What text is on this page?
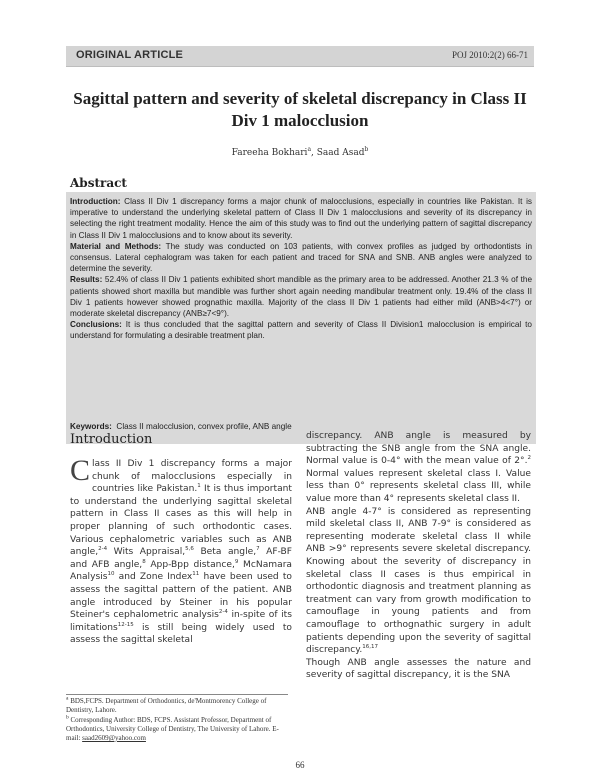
ORIGINAL ARTICLE	POJ 2010:2(2) 66-71
Sagittal pattern and severity of skeletal discrepancy in Class II Div 1 malocclusion
Fareeha Bokhari$^a$, Saad Asad$^b$
Abstract

Introduction: Class II Div 1 discrepancy forms a major chunk of malocclusions, especially in countries like Pakistan. It is imperative to understand the underlying skeletal pattern of Class II Div 1 malocclusions and severity of its discrepancy in selecting the right treatment modality. Hence the aim of this study was to find out the underlying pattern of sagittal discrepancy in Class II Div 1 malocclusions and to know about its severity.

Material and Methods: The study was conducted on 103 patients, with convex profiles as judged by orthodontists in consensus. Lateral cephalogram was taken for each patient and traced for SNA and SNB. ANB angles were analyzed to determine the severity.

Results: 52.4% of class II Div 1 patients exhibited short mandible as the primary area to be addressed. Another 21.3 % of the patients showed short maxilla but mandible was further short again needing mandibular treatment only. 19.4% of the class II Div 1 patients however showed prognathic maxilla. Majority of the class II Div 1 patients had either mild (ANB>4<7°) or moderate skeletal discrepancy (ANB≥7<9°).

Conclusions: It is thus concluded that the sagittal pattern and severity of Class II Division1 malocclusion is empirical to understand for formulating a desirable treatment plan.

Keywords: Class II malocclusion, convex profile, ANB angle
Introduction

Class II Div 1 discrepancy forms a major chunk of malocclusions especially in countries like Pakistan.$^1$ It is thus important to understand the underlying sagittal skeletal pattern in Class II cases as this will help in proper planning of such orthodontic cases. Various cephalometric variables such as ANB angle,$^{2-4}$ Wits Appraisal,$^{5,6}$ Beta angle,$^7$ AF-BF and AFB angle,$^8$ App-Bpp distance,$^9$ McNamara Analysis$^{10}$ and Zone Index$^{11}$ have been used to assess the sagittal pattern of the patient. ANB angle introduced by Steiner in his popular Steiner's cephalometric analysis$^{2-4}$ in-spite of its limitations$^{12-15}$ is still being widely used to assess the sagittal skeletal

discrepancy. ANB angle is measured by subtracting the SNB angle from the SNA angle. Normal value is 0-4° with the mean value of 2°.$^2$ Normal values represent skeletal class I. Value less than 0° represents skeletal class III, while value more than 4° represents skeletal class II.

ANB angle 4-7° is considered as representing mild skeletal class II, ANB 7-9° is considered as representing moderate skeletal class II while ANB >9° represents severe skeletal discrepancy. Knowing about the severity of discrepancy in skeletal class II cases is thus empirical in orthodontic diagnosis and treatment planning as treatment can vary from growth modification to camouflage in young patients and from camouflage to orthognathic surgery in adult patients depending upon the severity of sagittal discrepancy.$^{16,17}$

Though ANB angle assesses the nature and severity of sagittal discrepancy, it is the SNA

$^a$ BDS,FCPS. Department of Orthodontics, de'Montmorency College of Dentistry, Lahore.
$^b$ Corresponding Author: BDS, FCPS. Assistant Professor, Department of Orthodontics, University College of Dentistry, The University of Lahore. E-mail: saad2609@yahoo.com
66
